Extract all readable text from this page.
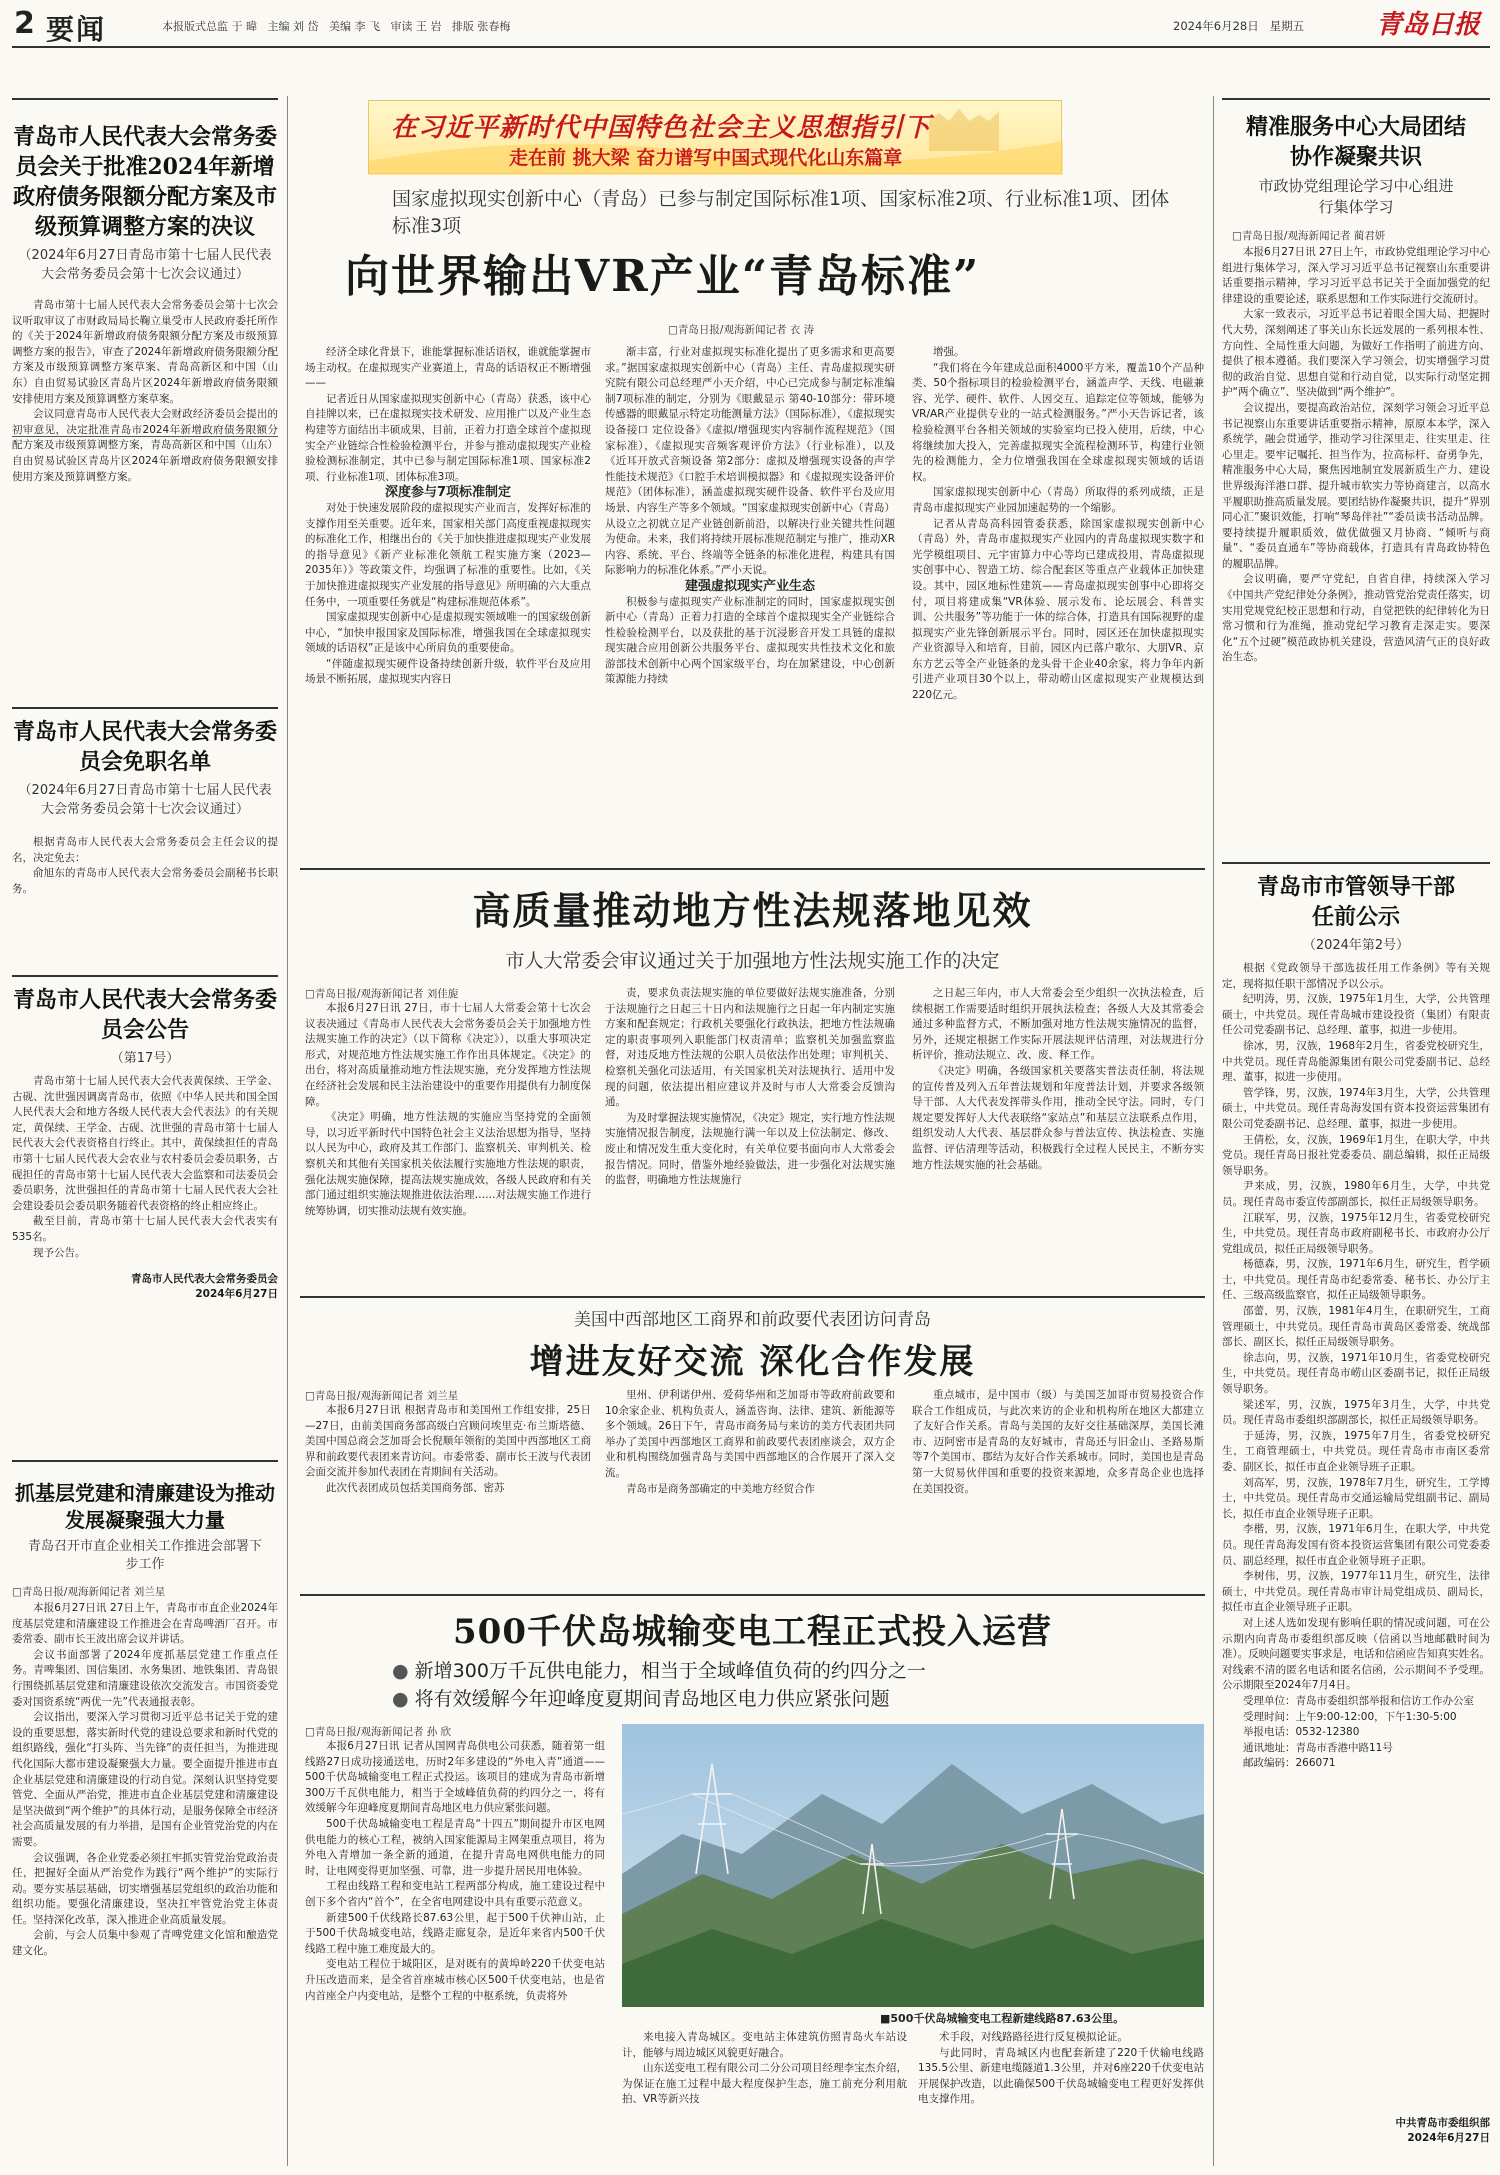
2 要闻	本报版式总监 于 暐   主编 刘 岱   美编 李 飞   审读 王 岩   排版 张春梅	2024年6月28日   星期五	青岛日报
青岛市人民代表大会常务委员会关于批准2024年新增政府债务限额分配方案及市级预算调整方案的决议
（2024年6月27日青岛市第十七届人民代表大会常务委员会第十七次会议通过）

青岛市第十七届人民代表大会常务委员会第十七次会议听取审议了市财政局局长鞠立巢受市人民政府委托所作的《关于2024年新增政府债务限额分配方案及市级预算调整方案的报告》，审查了2024年新增政府债务限额分配方案及市级预算调整方案草案、青岛高新区和中国（山东）自由贸易试验区青岛片区2024年新增政府债务限额安排使用方案及预算调整方案草案。

会议同意青岛市人民代表大会财政经济委员会提出的初审意见，决定批准青岛市2024年新增政府债务限额分配方案及市级预算调整方案，青岛高新区和中国（山东）自由贸易试验区青岛片区2024年新增政府债务限额安排使用方案及预算调整方案。

青岛市人民代表大会常务委员会免职名单
（2024年6月27日青岛市第十七届人民代表大会常务委员会第十七次会议通过）

根据青岛市人民代表大会常务委员会主任会议的提名，决定免去：

俞旭东的青岛市人民代表大会常务委员会副秘书长职务。

青岛市人民代表大会常务委员会公告
（第17号）

青岛市第十七届人民代表大会代表黄保续、王学金、古砚、沈世强因调离青岛市，依照《中华人民共和国全国人民代表大会和地方各级人民代表大会代表法》的有关规定，黄保续、王学金、古砚、沈世强的青岛市第十七届人民代表大会代表资格自行终止。其中，黄保续担任的青岛市第十七届人民代表大会农业与农村委员会委员职务，古砚担任的青岛市第十七届人民代表大会监察和司法委员会委员职务，沈世强担任的青岛市第十七届人民代表大会社会建设委员会委员职务随着代表资格的终止相应终止。

截至目前，青岛市第十七届人民代表大会代表实有535名。

现予公告。

青岛市人民代表大会常务委员会
2024年6月27日
抓基层党建和清廉建设为推动发展凝聚强大力量
青岛召开市直企业相关工作推进会部署下步工作
□青岛日报/观海新闻记者 刘兰星

本报6月27日讯 27日上午，青岛市市直企业2024年度基层党建和清廉建设工作推进会在青岛啤酒厂召开。市委常委、副市长王波出席会议并讲话。

会议书面部署了2024年度抓基层党建工作重点任务。青啤集团、国信集团、水务集团、地铁集团、青岛银行围绕抓基层党建和清廉建设依次交流发言。市国资委党委对国资系统“两优一先”代表通报表彰。

会议指出，要深入学习贯彻习近平总书记关于党的建设的重要思想，落实新时代党的建设总要求和新时代党的组织路线，强化“打头阵、当先锋”的责任担当，为推进现代化国际大都市建设凝聚强大力量。要全面提升推进市直企业基层党建和清廉建设的行动自觉。深刻认识坚持党要管党、全面从严治党，推进市直企业基层党建和清廉建设是坚决做到“两个维护”的具体行动，是服务保障全市经济社会高质量发展的有力举措，是国有企业管党治党的内在需要。

会议强调，各企业党委必须扛牢抓实管党治党政治责任，把握好全面从严治党作为践行“两个维护”的实际行动。要夯实基层基础，切实增强基层党组织的政治功能和组织功能。要强化清廉建设，坚决扛牢管党治党主体责任。坚持深化改革，深入推进企业高质量发展。

会前，与会人员集中参观了青啤党建文化馆和酿造党建文化。

在习近平新时代中国特色社会主义思想指引下
走在前 挑大梁 奋力谱写中国式现代化山东篇章
国家虚拟现实创新中心（青岛）已参与制定国际标准1项、国家标准2项、行业标准1项、团体标准3项
向世界输出VR产业“青岛标准”
□青岛日报/观海新闻记者 衣 涛

经济全球化背景下，谁能掌握标准话语权，谁就能掌握市场主动权。在虚拟现实产业赛道上，青岛的话语权正不断增强——

记者近日从国家虚拟现实创新中心（青岛）获悉，该中心自挂牌以来，已在虚拟现实技术研发、应用推广以及产业生态构建等方面结出丰硕成果，目前，正着力打造全球首个虚拟现实全产业链综合性检验检测平台，并参与推动虚拟现实产业检验检测标准制定，其中已参与制定国际标准1项、国家标准2项、行业标准1项、团体标准3项。

深度参与7项标准制定

对处于快速发展阶段的虚拟现实产业而言，发挥好标准的支撑作用至关重要。近年来，国家相关部门高度重视虚拟现实的标准化工作，相继出台的《关于加快推进虚拟现实产业发展的指导意见》《新产业标准化领航工程实施方案（2023—2035年）》等政策文件，均强调了标准的重要性。比如，《关于加快推进虚拟现实产业发展的指导意见》所明确的六大重点任务中，一项重要任务就是“构建标准规范体系”。

国家虚拟现实创新中心是虚拟现实领域唯一的国家级创新中心，“加快申报国家及国际标准，增强我国在全球虚拟现实领域的话语权”正是该中心所肩负的重要使命。

“伴随虚拟现实硬件设备持续创新升级，软件平台及应用场景不断拓展，虚拟现实内容日

渐丰富，行业对虚拟现实标准化提出了更多需求和更高要求。”据国家虚拟现实创新中心（青岛）主任、青岛虚拟现实研究院有限公司总经理严小天介绍，中心已完成参与制定标准编制7项标准的制定，分别为《眼戴显示 第40-10部分：带环境传感器的眼戴显示特定功能测量方法》（国际标准），《虚拟现实设备接口 定位设备》《虚拟/增强现实内容制作流程规范》（国家标准），《虚拟现实音频客观评价方法》（行业标准），以及《近耳开放式音频设备 第2部分：虚拟及增强现实设备的声学性能技术规范》《口腔手术培训模拟器》和《虚拟现实设备评价规范》（团体标准），涵盖虚拟现实硬件设备、软件平台及应用场景、内容生产等多个领域。“国家虚拟现实创新中心（青岛）从设立之初就立足产业链创新前沿，以解决行业关键共性问题为使命。未来，我们将持续开展标准规范制定与推广，推动XR内容、系统、平台、终端等全链条的标准化进程，构建具有国际影响力的标准化体系。”严小天说。

建强虚拟现实产业生态

积极参与虚拟现实产业标准制定的同时，国家虚拟现实创新中心（青岛）正着力打造的全球首个虚拟现实全产业链综合性检验检测平台，以及获批的基于沉浸影音开发工具链的虚拟现实融合应用创新公共服务平台、虚拟现实共性技术文化和旅游部技术创新中心两个国家级平台，均在加紧建设，中心创新策源能力持续

增强。

“我们将在今年建成总面积4000平方米，覆盖10个产品种类、50个指标项目的检验检测平台，涵盖声学、天线、电磁兼容、光学、硬件、软件、人因交互、追踪定位等领域，能够为VR/AR产业提供专业的一站式检测服务。”严小天告诉记者，该检验检测平台各相关领域的实验室均已投入使用，后续，中心将继续加大投入，完善虚拟现实全流程检测环节，构建行业领先的检测能力，全力位增强我国在全球虚拟现实领域的话语权。

国家虚拟现实创新中心（青岛）所取得的系列成绩，正是青岛市虚拟现实产业园加速起势的一个缩影。

记者从青岛高科园管委获悉，除国家虚拟现实创新中心（青岛）外，青岛市虚拟现实产业园内的青岛虚拟现实数字和光学模组项目、元宇宙算力中心等均已建成投用，青岛虚拟现实创事中心、智造工坊、综合配套区等重点产业载体正加快建设。其中，园区地标性建筑——青岛虚拟现实创事中心即将交付，项目将建成集“VR体验、展示发布、论坛展会、科普实训、公共服务”等功能于一体的综合体，打造具有国际视野的虚拟现实产业先锋创新展示平台。同时，园区还在加快虚拟现实产业资源导入和培育，目前，园区内已落户歌尔、大朋VR、京东方艺云等全产业链条的龙头骨干企业40余家，将力争年内新引进产业项目30个以上，带动崂山区虚拟现实产业规模达到220亿元。

高质量推动地方性法规落地见效
市人大常委会审议通过关于加强地方性法规实施工作的决定
□青岛日报/观海新闻记者 刘佳旎

本报6月27日讯 27日，市十七届人大常委会第十七次会议表决通过《青岛市人民代表大会常务委员会关于加强地方性法规实施工作的决定》（以下简称《决定》），以重大事项决定形式，对规范地方性法规实施工作作出具体规定。《决定》的出台，将对高质量推动地方性法规实施，充分发挥地方性法规在经济社会发展和民主法治建设中的重要作用提供有力制度保障。

《决定》明确，地方性法规的实施应当坚持党的全面领导，以习近平新时代中国特色社会主义法治思想为指导，坚持以人民为中心，政府及其工作部门、监察机关、审判机关、检察机关和其他有关国家机关依法履行实施地方性法规的职责，强化法规实施保障，提高法规实施成效，各级人民政府和有关部门通过组织实施法规推进依法治理……对法规实施工作进行统筹协调，切实推动法规有效实施。

责，要求负责法规实施的单位要做好法规实施准备，分别于法规施行之日起三十日内和法规施行之日起一年内制定实施方案和配套规定；行政机关要强化行政执法，把地方性法规确定的职责事项列入职能部门权责清单；监察机关加强监察监督，对违反地方性法规的公职人员依法作出处理；审判机关、检察机关强化司法适用，有关国家机关对法规执行、适用中发现的问题，依法提出相应建议并及时与市人大常委会反馈沟通。

为及时掌握法规实施情况，《决定》规定，实行地方性法规实施情况报告制度，法规施行满一年以及上位法制定、修改、废止和情况发生重大变化时，有关单位要书面向市人大常委会报告情况。同时，借鉴外地经验做法，进一步强化对法规实施的监督，明确地方性法规施行

之日起三年内，市人大常委会至少组织一次执法检查，后续根据工作需要适时组织开展执法检查；各级人大及其常委会通过多种监督方式，不断加强对地方性法规实施情况的监督，另外，还规定根据工作实际开展法规评估清理，对法规进行分析评价，推动法规立、改、废、释工作。

《决定》明确，各级国家机关要落实普法责任制，将法规的宣传普及列入五年普法规划和年度普法计划，并要求各级领导干部、人大代表发挥带头作用，推动全民守法。同时，专门规定要发挥好人大代表联络“家站点”和基层立法联系点作用，组织发动人大代表、基层群众参与普法宣传、执法检查、实施监督、评估清理等活动，积极践行全过程人民民主，不断夯实地方性法规实施的社会基础。

美国中西部地区工商界和前政要代表团访问青岛
增进友好交流 深化合作发展
□青岛日报/观海新闻记者 刘兰星

本报6月27日讯 根据青岛市和美国州工作组安排，25日—27日，由前美国商务部高级白宫顾问埃里克·布兰斯塔德、美国中国总商会芝加哥会长倪顺年领衔的美国中西部地区工商界和前政要代表团来青访问。市委常委、副市长王波与代表团会面交流并参加代表团在青期间有关活动。

此次代表团成员包括美国商务部、密苏

里州、伊利诺伊州、爱荷华州和芝加哥市等政府前政要和10余家企业、机构负责人，涵盖咨询、法律、建筑、新能源等多个领域。26日下午，青岛市商务局与来访的美方代表团共同举办了美国中西部地区工商界和前政要代表团座谈会，双方企业和机构围绕加强青岛与美国中西部地区的合作展开了深入交流。

青岛市是商务部确定的中美地方经贸合作

重点城市，是中国市（级）与美国芝加哥市贸易投资合作联合工作组成员，与此次来访的企业和机构所在地区大都建立了友好合作关系。青岛与美国的友好交往基础深厚，美国长滩市、迈阿密市是青岛的友好城市，青岛还与旧金山、圣路易斯等7个美国市、郡结为友好合作关系城市。同时，美国也是青岛第一大贸易伙伴国和重要的投资来源地，众多青岛企业也选择在美国投资。

500千伏岛城输变电工程正式投入运营
● 新增300万千瓦供电能力，相当于全域峰值负荷的约四分之一
● 将有效缓解今年迎峰度夏期间青岛地区电力供应紧张问题
□青岛日报/观海新闻记者 孙 欣

本报6月27日讯 记者从国网青岛供电公司获悉，随着第一组线路27日成功接通送电，历时2年多建设的“外电入青”通道——500千伏岛城输变电工程正式投运。该项目的建成为青岛市新增300万千瓦供电能力，相当于全域峰值负荷的约四分之一，将有效缓解今年迎峰度夏期间青岛地区电力供应紧张问题。

500千伏岛城输变电工程是青岛“十四五”期间提升市区电网供电能力的核心工程，被纳入国家能源局主网架重点项目，将为外电入青增加一条全新的通道，在提升青岛电网供电能力的同时，让电网变得更加坚强、可靠，进一步提升居民用电体验。

工程由线路工程和变电站工程两部分构成，施工建设过程中创下多个省内“首个”，在全省电网建设中具有重要示范意义。

新建500千伏线路长87.63公里，起于500千伏神山站，止于500千伏岛城变电站，线路走廊复杂，是近年来省内500千伏线路工程中施工难度最大的。

变电站工程位于城阳区，是对既有的黄埠岭220千伏变电站升压改造而来，是全省首座城市核心区500千伏变电站，也是省内首座全户内变电站，是整个工程的中枢系统，负责将外

■500千伏岛城输变电工程新建线路87.63公里。

来电接入青岛城区。变电站主体建筑仿照青岛火车站设计，能够与周边城区风貌更好融合。

山东送变电工程有限公司二分公司项目经理李宝杰介绍，为保证在施工过程中最大程度保护生态，施工前充分利用航拍、VR等新兴技

术手段，对线路路径进行反复模拟论证。

与此同时，青岛城区内也配套新建了220千伏输电线路135.5公里、新建电缆隧道1.3公里，并对6座220千伏变电站开展保护改造，以此确保500千伏岛城输变电工程更好发挥供电支撑作用。

精准服务中心大局团结协作凝聚共识
市政协党组理论学习中心组进行集体学习
□青岛日报/观海新闻记者 蔺君妍

本报6月27日讯 27日上午，市政协党组理论学习中心组进行集体学习，深入学习习近平总书记视察山东重要讲话重要指示精神，学习习近平总书记关于全面加强党的纪律建设的重要论述，联系思想和工作实际进行交流研讨。

大家一致表示，习近平总书记着眼全国大局、把握时代大势，深刻阐述了事关山东长远发展的一系列根本性、方向性、全局性重大问题，为做好工作指明了前进方向、提供了根本遵循。我们要深入学习领会，切实增强学习贯彻的政治自觉、思想自觉和行动自觉，以实际行动坚定拥护“两个确立”、坚决做到“两个维护”。

会议提出，要提高政治站位，深刻学习领会习近平总书记视察山东重要讲话重要指示精神，原原本本学，深入系统学，融会贯通学，推动学习往深里走、往实里走、往心里走。要牢记嘱托、担当作为，拉高标杆、奋勇争先，精准服务中心大局，聚焦因地制宜发展新质生产力、建设世界级海洋港口群、提升城市软实力等协商建言，以高水平履职助推高质量发展。要团结协作凝聚共识，提升“界别同心汇”聚识效能，打响“琴岛伴社”“委员读书活动品牌。要持续提升履职质效，做优做强又月协商、“倾听与商量”、“委员直通车”等协商载体，打造具有青岛政协特色的履职品牌。

会议明确，要严守党纪，自省自律，持续深入学习《中国共产党纪律处分条例》，推动管党治党责任落实，切实用党规党纪校正思想和行动，自觉把铁的纪律转化为日常习惯和行为准绳，推动党纪学习教育走深走实。要深化“五个过硬”模范政协机关建设，营造风清气正的良好政治生态。

青岛市市管领导干部任前公示
（2024年第2号）

根据《党政领导干部选拔任用工作条例》等有关规定，现将拟任职干部情况予以公示。

纪明涛，男，汉族，1975年1月生，大学，公共管理硕士，中共党员。现任青岛城市建设投资（集团）有限责任公司党委副书记、总经理、董事，拟进一步使用。

徐冰，男，汉族，1968年2月生，省委党校研究生，中共党员。现任青岛能源集团有限公司党委副书记、总经理、董事，拟进一步使用。

管学锋，男，汉族，1974年3月生，大学，公共管理硕士，中共党员。现任青岛海发国有资本投资运营集团有限公司党委副书记、总经理、董事，拟进一步使用。

王倩松，女，汉族，1969年1月生，在职大学，中共党员。现任青岛日报社党委委员、副总编辑，拟任正局级领导职务。

尹来成，男，汉族，1980年6月生，大学，中共党员。现任青岛市委宣传部副部长，拟任正局级领导职务。

江联军，男，汉族，1975年12月生，省委党校研究生，中共党员。现任青岛市政府副秘书长、市政府办公厅党组成员，拟任正局级领导职务。

杨德森，男，汉族，1971年6月生，研究生，哲学硕士，中共党员。现任青岛市纪委常委、秘书长、办公厅主任、三级高级监察官，拟任正局级领导职务。

邵蕾，男，汉族，1981年4月生，在职研究生，工商管理硕士，中共党员。现任青岛市黄岛区委常委、统战部部长、副区长，拟任正局级领导职务。

徐志向，男，汉族，1971年10月生，省委党校研究生，中共党员。现任青岛市崂山区委副书记，拟任正局级领导职务。

梁述军，男，汉族，1975年3月生，大学，中共党员。现任青岛市委组织部副部长，拟任正局级领导职务。

于延涛，男，汉族，1975年7月生，省委党校研究生，工商管理硕士，中共党员。现任青岛市市南区委常委、副区长，拟任市直企业领导班子正职。

刘高军，男，汉族，1978年7月生，研究生，工学博士，中共党员。现任青岛市交通运输局党组副书记、副局长，拟任市直企业领导班子正职。

李楷，男，汉族，1971年6月生，在职大学，中共党员。现任青岛海发国有资本投资运营集团有限公司党委委员、副总经理，拟任市直企业领导班子正职。

李树伟，男，汉族，1977年11月生，研究生，法律硕士，中共党员。现任青岛市审计局党组成员、副局长，拟任市直企业领导班子正职。

对上述人选如发现有影响任职的情况或问题，可在公示期内向青岛市委组织部反映（信函以当地邮戳时间为准）。反映问题要实事求是，电话和信函应告知真实姓名。对线索不清的匿名电话和匿名信函，公示期间不予受理。公示期限至2024年7月4日。

受理单位：青岛市委组织部举报和信访工作办公室

受理时间：上午9:00-12:00，下午1:30-5:00

举报电话：0532-12380

通讯地址：青岛市香港中路11号

邮政编码：266071

中共青岛市委组织部
2024年6月27日
